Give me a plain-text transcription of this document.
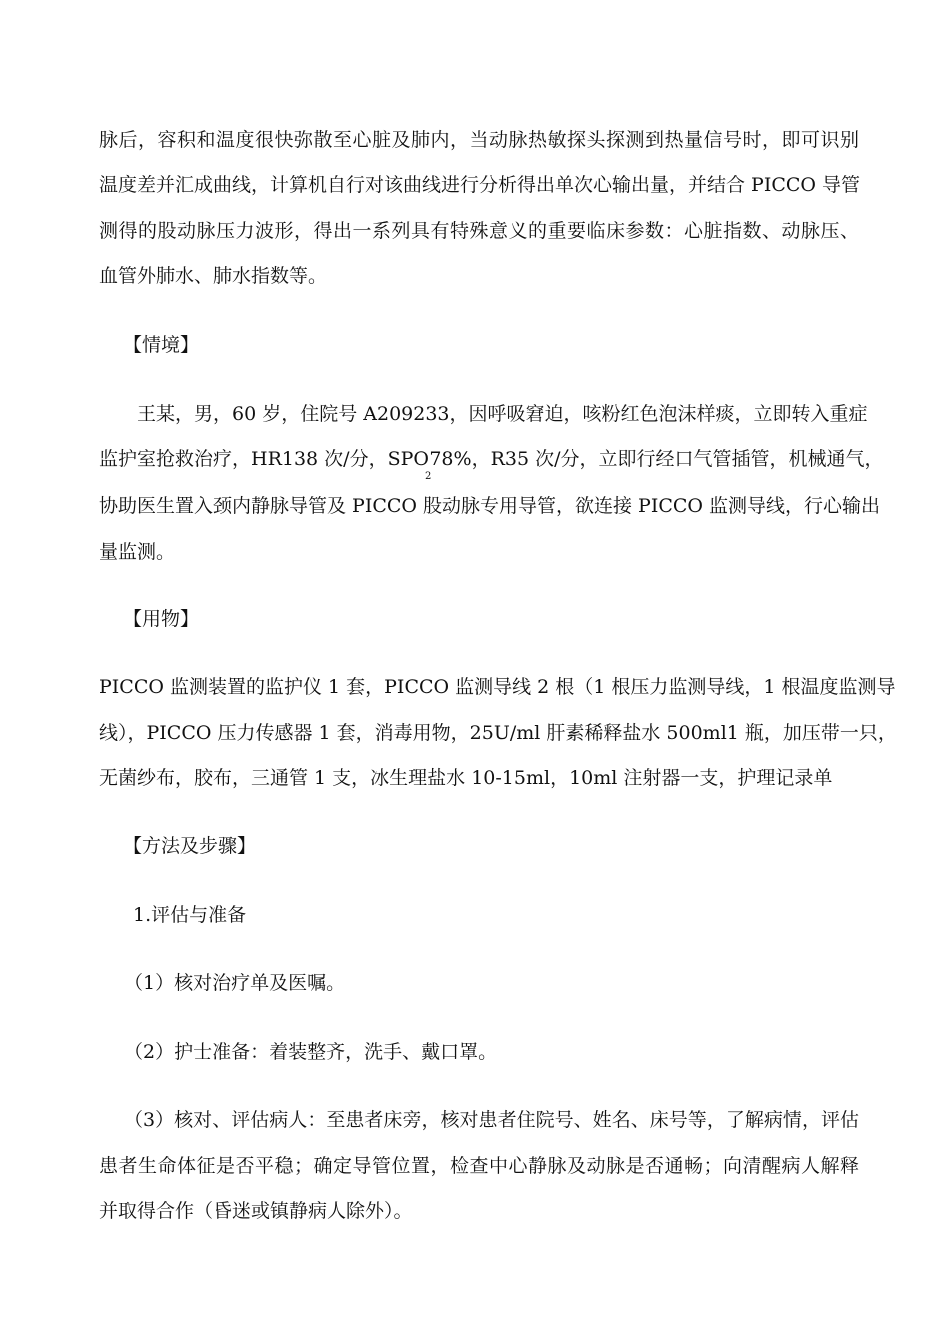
脉后，容积和温度很快弥散至心脏及肺内，当动脉热敏探头探测到热量信号时，即可识别
温度差并汇成曲线，计算机自行对该曲线进行分析得出单次心输出量，并结合 PICCO 导管
测得的股动脉压力波形，得出一系列具有特殊意义的重要临床参数：心脏指数、动脉压、
血管外肺水、肺水指数等。
【情境】
王某，男，60 岁，住院号 A209233，因呼吸窘迫，咳粉红色泡沫样痰，立即转入重症
监护室抢救治疗，HR138 次/分，$SPO_278\%$，R35 次/分，立即行经口气管插管，机械通气，
协助医生置入颈内静脉导管及 PICCO 股动脉专用导管，欲连接 PICCO 监测导线，行心输出
量监测。
【用物】
PICCO 监测装置的监护仪 1 套，PICCO 监测导线 2 根（1 根压力监测导线，1 根温度监测导
线），PICCO 压力传感器 1 套，消毒用物，25U/ml 肝素稀释盐水 500ml1 瓶，加压带一只，
无菌纱布，胶布，三通管 1 支，冰生理盐水 10-15ml，10ml 注射器一支，护理记录单
【方法及步骤】
1.评估与准备
（1）核对治疗单及医嘱。
（2）护士准备：着装整齐，洗手、戴口罩。
（3）核对、评估病人：至患者床旁，核对患者住院号、姓名、床号等，了解病情，评估
患者生命体征是否平稳；确定导管位置，检查中心静脉及动脉是否通畅；向清醒病人解释
并取得合作（昏迷或镇静病人除外）。
